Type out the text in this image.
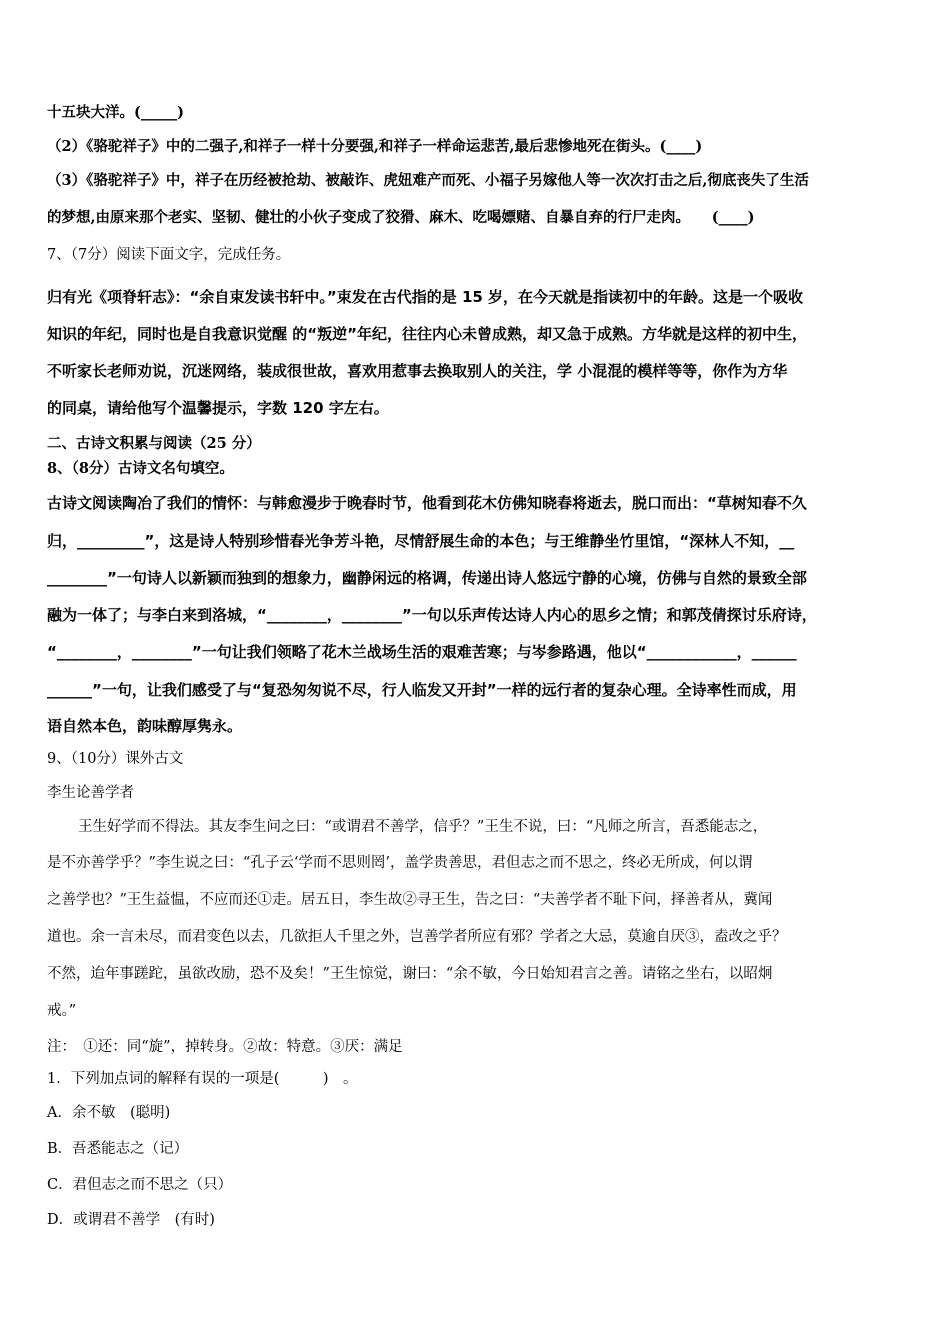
十五块大洋。(_____)
（2）《骆驼祥子》中的二强子,和祥子一样十分要强,和祥子一样命运悲苦,最后悲惨地死在街头。(____)
（3）《骆驼祥子》中，祥子在历经被抢劫、被敲诈、虎妞难产而死、小福子另嫁他人等一次次打击之后,彻底丧失了生活
的梦想,由原来那个老实、坚韧、健壮的小伙子变成了狡猾、麻木、吃喝嫖赌、自暴自弃的行尸走肉。　　(____)
7、（7分）阅读下面文字，完成任务。
归有光《项脊轩志》：“余自束发读书轩中。”束发在古代指的是 15 岁，在今天就是指读初中的年龄。这是一个吸收
知识的年纪，同时也是自我意识觉醒 的“叛逆”年纪，往往内心未曾成熟，却又急于成熟。方华就是这样的初中生，
不听家长老师劝说，沉迷网络，装成很世故，喜欢用惹事去换取别人的关注，学 小混混的模样等等，你作为方华
的同桌，请给他写个温馨提示，字数 120 字左右。
二、古诗文积累与阅读（25 分）
8、（8分）古诗文名句填空。
古诗文阅读陶冶了我们的情怀：与韩愈漫步于晚春时节，他看到花木仿佛知晓春将逝去，脱口而出：“草树知春不久
归，_________”，这是诗人特别珍惜春光争芳斗艳，尽情舒展生命的本色；与王维静坐竹里馆，“深林人不知，__
________”一句诗人以新颖而独到的想象力，幽静闲远的格调，传递出诗人悠远宁静的心境，仿佛与自然的景致全部
融为一体了；与李白来到洛城，“________，________”一句以乐声传达诗人内心的思乡之情；和郭茂倩探讨乐府诗，
“________，________”一句让我们领略了花木兰战场生活的艰难苦寒；与岑参路遇，他以“____________，______
______”一句，让我们感受了与“复恐匆匆说不尽，行人临发又开封”一样的远行者的复杂心理。全诗率性而成，用
语自然本色，韵味醇厚隽永。
9、（10分）课外古文
李生论善学者
王生好学而不得法。其友李生问之曰：“或谓君不善学，信乎？”王生不说，曰：“凡师之所言，吾悉能志之，
是不亦善学乎？”李生说之曰：“孔子云‘学而不思则罔’，盖学贵善思，君但志之而不思之，终必无所成，何以谓
之善学也？”王生益愠，不应而还①走。居五日，李生故②寻王生，告之曰：“夫善学者不耻下问，择善者从，冀闻
道也。余一言未尽，而君变色以去，几欲拒人千里之外，岂善学者所应有邪？学者之大忌，莫逾自厌③，盍改之乎？
不然，迨年事蹉跎，虽欲改励，恐不及矣！”王生惊觉，谢曰：“余不敏，今日始知君言之善。请铭之坐右，以昭炯
戒。”
注：　①还：同“旋”，掉转身。②故：特意。③厌：满足
1．下列加点词的解释有误的一项是(　　　)　。
A．余不敏　(聪明)
B．吾悉能志之（记）
C．君但志之而不思之（只）
D．或谓君不善学　(有时)
